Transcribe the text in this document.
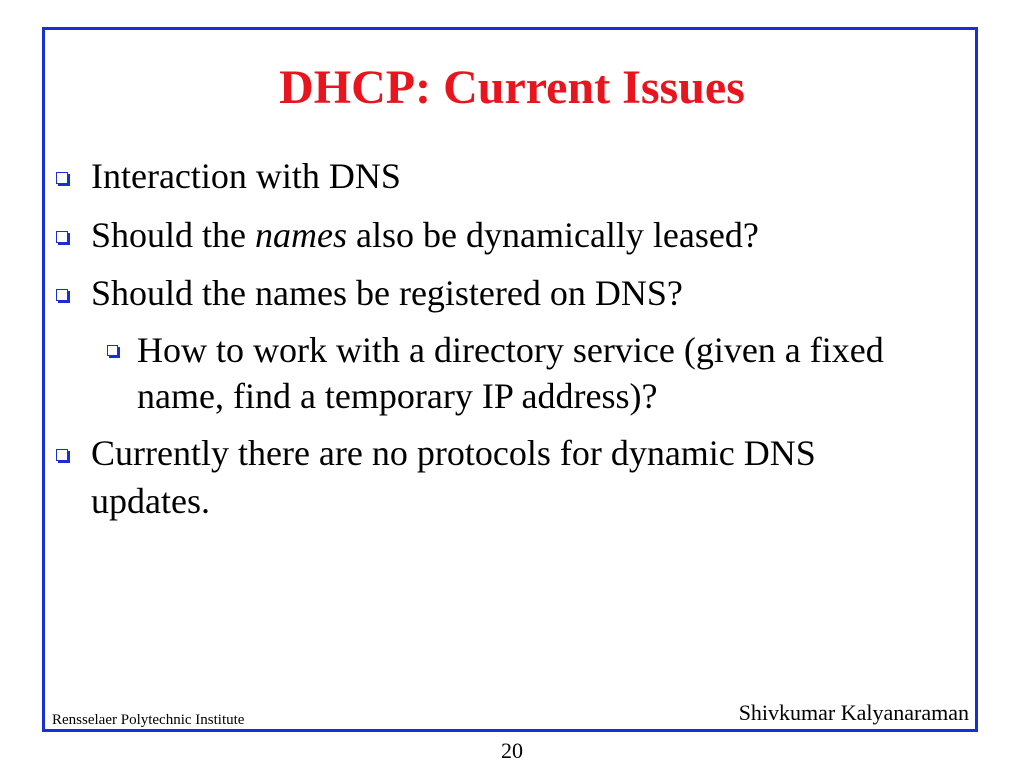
DHCP: Current Issues
Interaction with DNS
Should the names also be dynamically leased?
Should the names be registered on DNS?
How to work with a directory service (given a fixed
name, find a temporary IP address)?
Currently there are no protocols for dynamic DNS
updates.
Rensselaer Polytechnic Institute	Shivkumar Kalyanaraman
20
